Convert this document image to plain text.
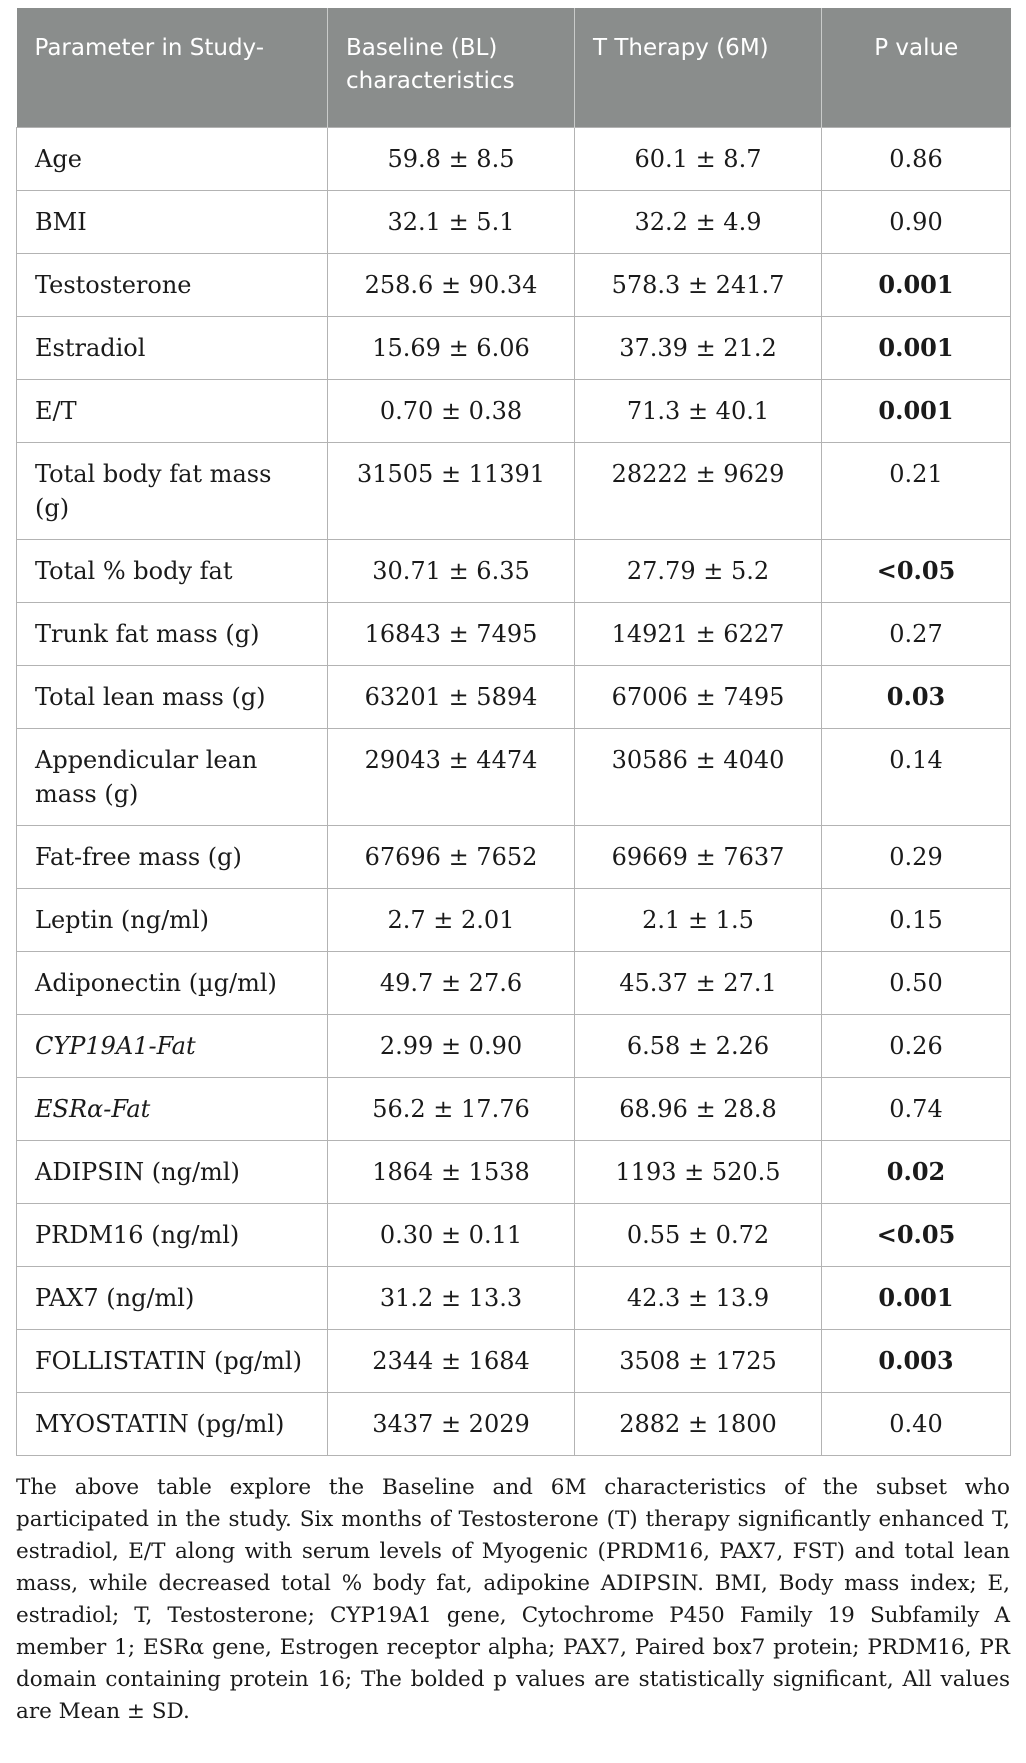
Parameter in Study-	Baseline (BL) characteristics	T Therapy (6M)	P value
Age	59.8 ± 8.5	60.1 ± 8.7	0.86
BMI	32.1 ± 5.1	32.2 ± 4.9	0.90
Testosterone	258.6 ± 90.34	578.3 ± 241.7	0.001
Estradiol	15.69 ± 6.06	37.39 ± 21.2	0.001
E/T	0.70 ± 0.38	71.3 ± 40.1	0.001
Total body fat mass (g)	31505 ± 11391	28222 ± 9629	0.21
Total % body fat	30.71 ± 6.35	27.79 ± 5.2	<0.05
Trunk fat mass (g)	16843 ± 7495	14921 ± 6227	0.27
Total lean mass (g)	63201 ± 5894	67006 ± 7495	0.03
Appendicular lean mass (g)	29043 ± 4474	30586 ± 4040	0.14
Fat-free mass (g)	67696 ± 7652	69669 ± 7637	0.29
Leptin (ng/ml)	2.7 ± 2.01	2.1 ± 1.5	0.15
Adiponectin (µg/ml)	49.7 ± 27.6	45.37 ± 27.1	0.50
CYP19A1-Fat	2.99 ± 0.90	6.58 ± 2.26	0.26
ESRα-Fat	56.2 ± 17.76	68.96 ± 28.8	0.74
ADIPSIN (ng/ml)	1864 ± 1538	1193 ± 520.5	0.02
PRDM16 (ng/ml)	0.30 ± 0.11	0.55 ± 0.72	<0.05
PAX7 (ng/ml)	31.2 ± 13.3	42.3 ± 13.9	0.001
FOLLISTATIN (pg/ml)	2344 ± 1684	3508 ± 1725	0.003
MYOSTATIN (pg/ml)	3437 ± 2029	2882 ± 1800	0.40

The above table explore the Baseline and 6M characteristics of the subset who participated in the study. Six months of Testosterone (T) therapy significantly enhanced T, estradiol, E/T along with serum levels of Myogenic (PRDM16, PAX7, FST) and total lean mass, while decreased total % body fat, adipokine ADIPSIN. BMI, Body mass index; E, estradiol; T, Testosterone; CYP19A1 gene, Cytochrome P450 Family 19 Subfamily A member 1; ESRα gene, Estrogen receptor alpha; PAX7, Paired box7 protein; PRDM16, PR domain containing protein 16; The bolded p values are statistically significant, All values are Mean ± SD.
